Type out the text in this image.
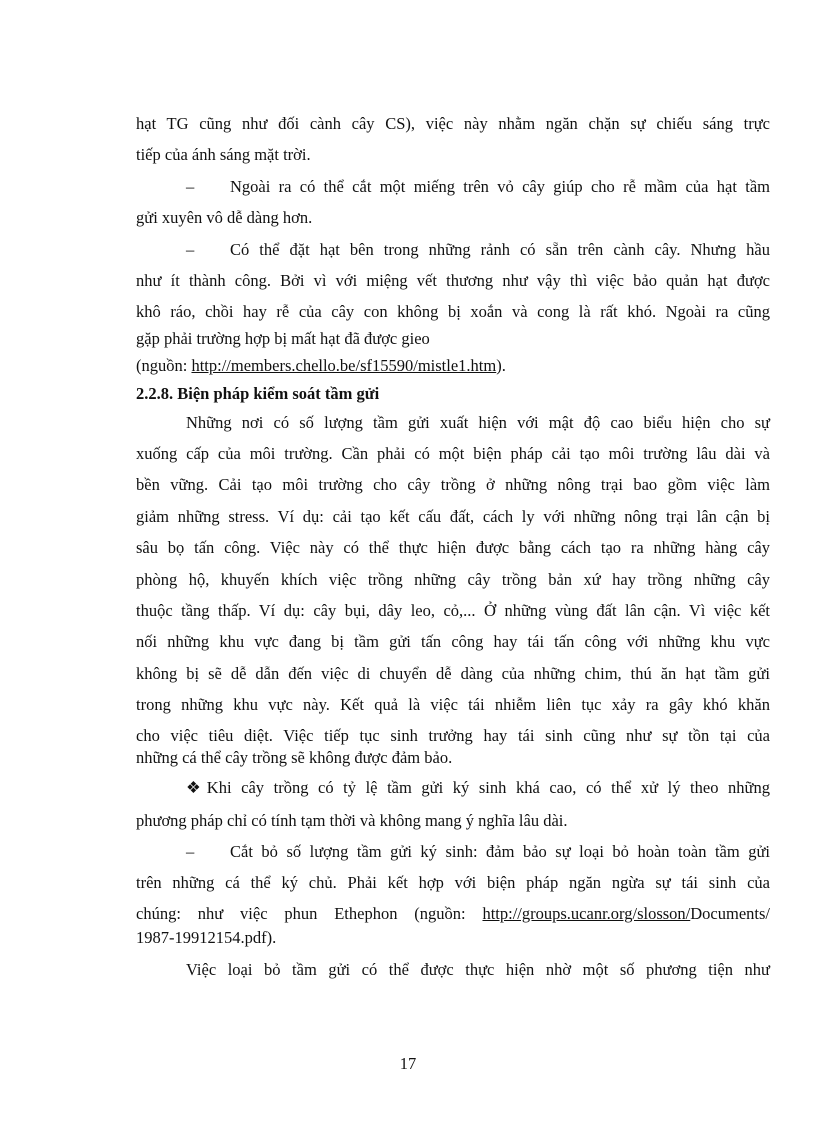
hạt TG cũng như đối cành cây CS), việc này nhằm ngăn chặn sự chiếu sáng trực
tiếp của ánh sáng mặt trời.
– Ngoài ra có thể cắt một miếng trên vỏ cây giúp cho rễ mầm của hạt tầm
gửi xuyên vô dễ dàng hơn.
– Có thể đặt hạt bên trong những rảnh có sẵn trên cành cây. Nhưng hầu
như ít thành công. Bởi vì với miệng vết thương như vậy thì việc bảo quản hạt được
khô ráo, chồi hay rễ của cây con không bị xoắn và cong là rất khó. Ngoài ra cũng
gặp phải trường hợp bị mất hạt đã được gieo
(nguồn: http://members.chello.be/sf15590/mistle1.htm).
2.2.8. Biện pháp kiểm soát tầm gửi
Những nơi có số lượng tầm gửi xuất hiện với mật độ cao biểu hiện cho sự
xuống cấp của môi trường. Cần phải có một biện pháp cải tạo môi trường lâu dài và
bền vững. Cải tạo môi trường cho cây trồng ở những nông trại bao gồm việc làm
giảm những stress. Ví dụ: cải tạo kết cấu đất, cách ly với những nông trại lân cận bị
sâu bọ tấn công. Việc này có thể thực hiện được bằng cách tạo ra những hàng cây
phòng hộ, khuyến khích việc trồng những cây trồng bản xứ hay trồng những cây
thuộc tầng thấp. Ví dụ: cây bụi, dây leo, cỏ,... Ở những vùng đất lân cận. Vì việc kết
nối những khu vực đang bị tầm gửi tấn công hay tái tấn công với những khu vực
không bị sẽ dễ dẫn đến việc di chuyển dễ dàng của những chim, thú ăn hạt tầm gửi
trong những khu vực này. Kết quả là việc tái nhiễm liên tục xảy ra gây khó khăn
cho việc tiêu diệt. Việc tiếp tục sinh trưởng hay tái sinh cũng như sự tồn tại của
những cá thể cây trồng sẽ không được đảm bảo.
❖ Khi cây trồng có tỷ lệ tầm gửi ký sinh khá cao, có thể xử lý theo những
phương pháp chỉ có tính tạm thời và không mang ý nghĩa lâu dài.
– Cắt bỏ số lượng tầm gửi ký sinh: đảm bảo sự loại bỏ hoàn toàn tầm gửi
trên những cá thể ký chủ. Phải kết hợp với biện pháp ngăn ngừa sự tái sinh của
chúng: như việc phun Ethephon (nguồn: http://groups.ucanr.org/slosson/Documents/
1987-19912154.pdf).
Việc loại bỏ tầm gửi có thể được thực hiện nhờ một số phương tiện như
17
